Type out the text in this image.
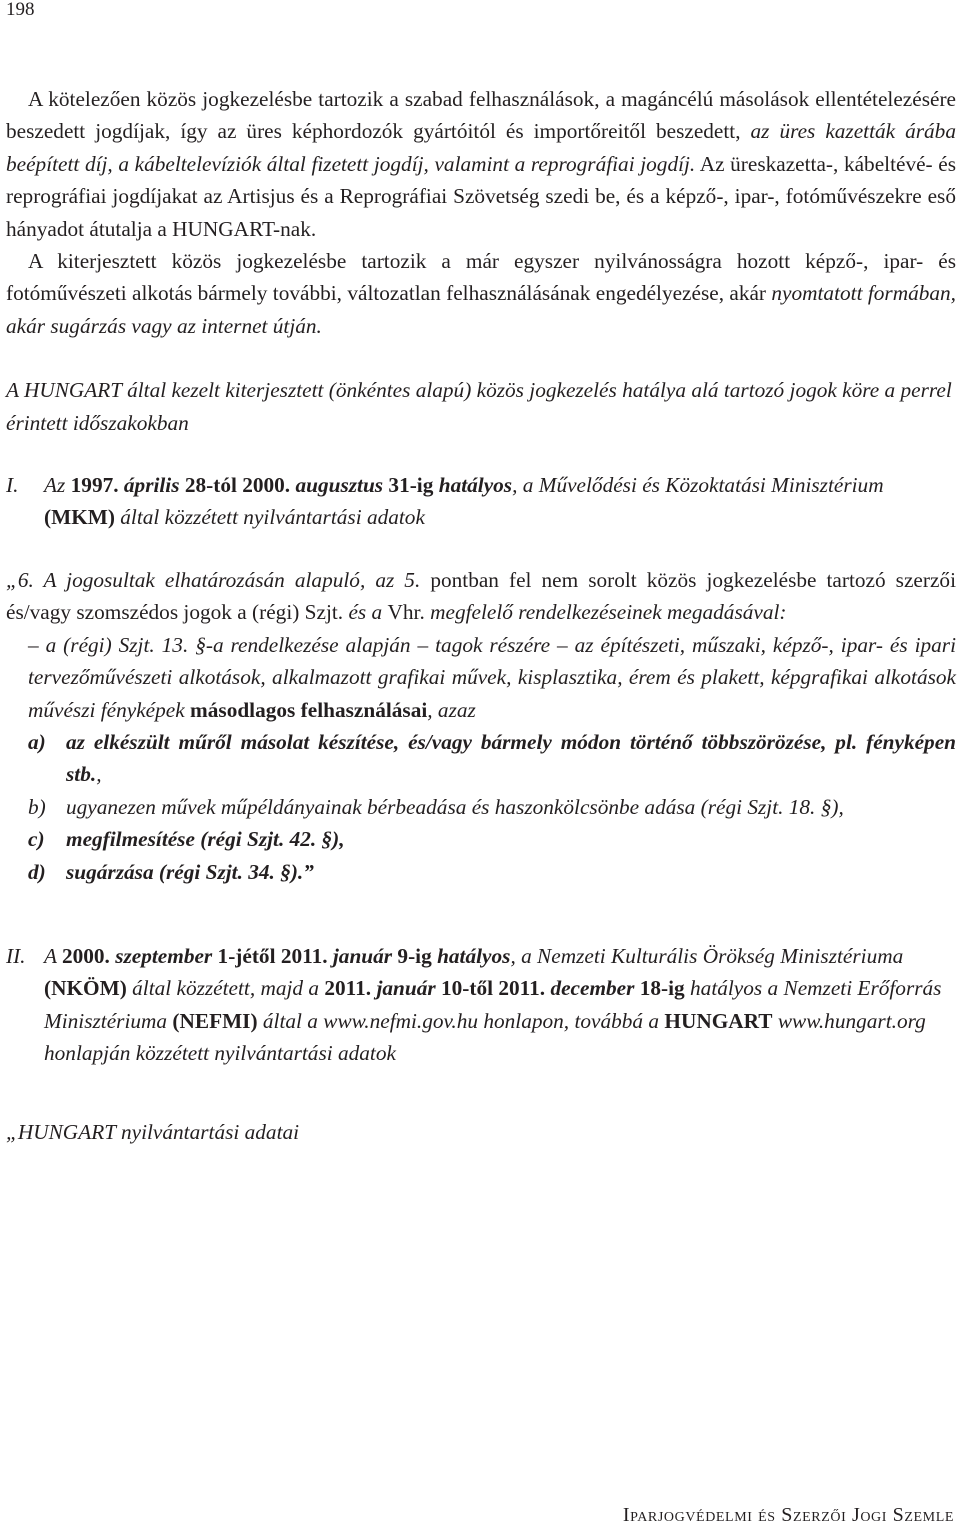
198

A kötelezően közös jogkezelésbe tartozik a szabad felhasználások, a magáncélú másolások ellentételezésére beszedett jogdíjak, így az üres képhordozók gyártóitól és importőreitől beszedett, az üres kazetták árába beépített díj, a kábeltelevíziók által fizetett jogdíj, valamint a reprográfiai jogdíj. Az üreskazetta-, kábeltévé- és reprográfiai jogdíjakat az Artisjus és a Reprográfiai Szövetség szedi be, és a képző-, ipar-, fotóművészekre eső hányadot átutalja a HUNGART-nak.

A kiterjesztett közös jogkezelésbe tartozik a már egyszer nyilvánosságra hozott képző-, ipar- és fotóművészeti alkotás bármely további, változatlan felhasználásának engedélyezése, akár nyomtatott formában, akár sugárzás vagy az internet útján.

A HUNGART által kezelt kiterjesztett (önkéntes alapú) közös jogkezelés hatálya alá tartozó jogok köre a perrel érintett időszakokban

I.	Az 1997. április 28-tól 2000. augusztus 31-ig hatályos, a Művelődési és Közoktatási Minisztérium (MKM) által közzétett nyilvántartási adatok

„6. A jogosultak elhatározásán alapuló, az 5. pontban fel nem sorolt közös jogkezelésbe tartozó szerzői és/vagy szomszédos jogok a (régi) Szjt. és a Vhr. megfelelő rendelkezéseinek megadásával:

– a (régi) Szjt. 13. §-a rendelkezése alapján – tagok részére – az építészeti, műszaki, képző-, ipar- és ipari tervezőművészeti alkotások, alkalmazott grafikai művek, kisplasztika, érem és plakett, képgrafikai alkotások művészi fényképek másodlagos felhasználásai, azaz

a) az elkészült műről másolat készítése, és/vagy bármely módon történő többszörözése, pl. fényképen stb.,
b) ugyanezen művek műpéldányainak bérbeadása és haszonkölcsönbe adása (régi Szjt. 18. §),
c)	megfilmesítése (régi Szjt. 42. §),
d) sugárzása (régi Szjt. 34. §).”
II. A 2000. szeptember 1-jétől 2011. január 9-ig hatályos, a Nemzeti Kulturális Örökség Minisztériuma (NKÖM) által közzétett, majd a 2011. január 10-től 2011. december 18-ig hatályos a Nemzeti Erőforrás Minisztériuma (NEFMI) által a www.nefmi.gov.hu honlapon, továbbá a HUNGART www.hungart.org honlapján közzétett nyilvántartási adatok

„HUNGART nyilvántartási adatai

Iparjogvédelmi és Szerzői Jogi Szemle
